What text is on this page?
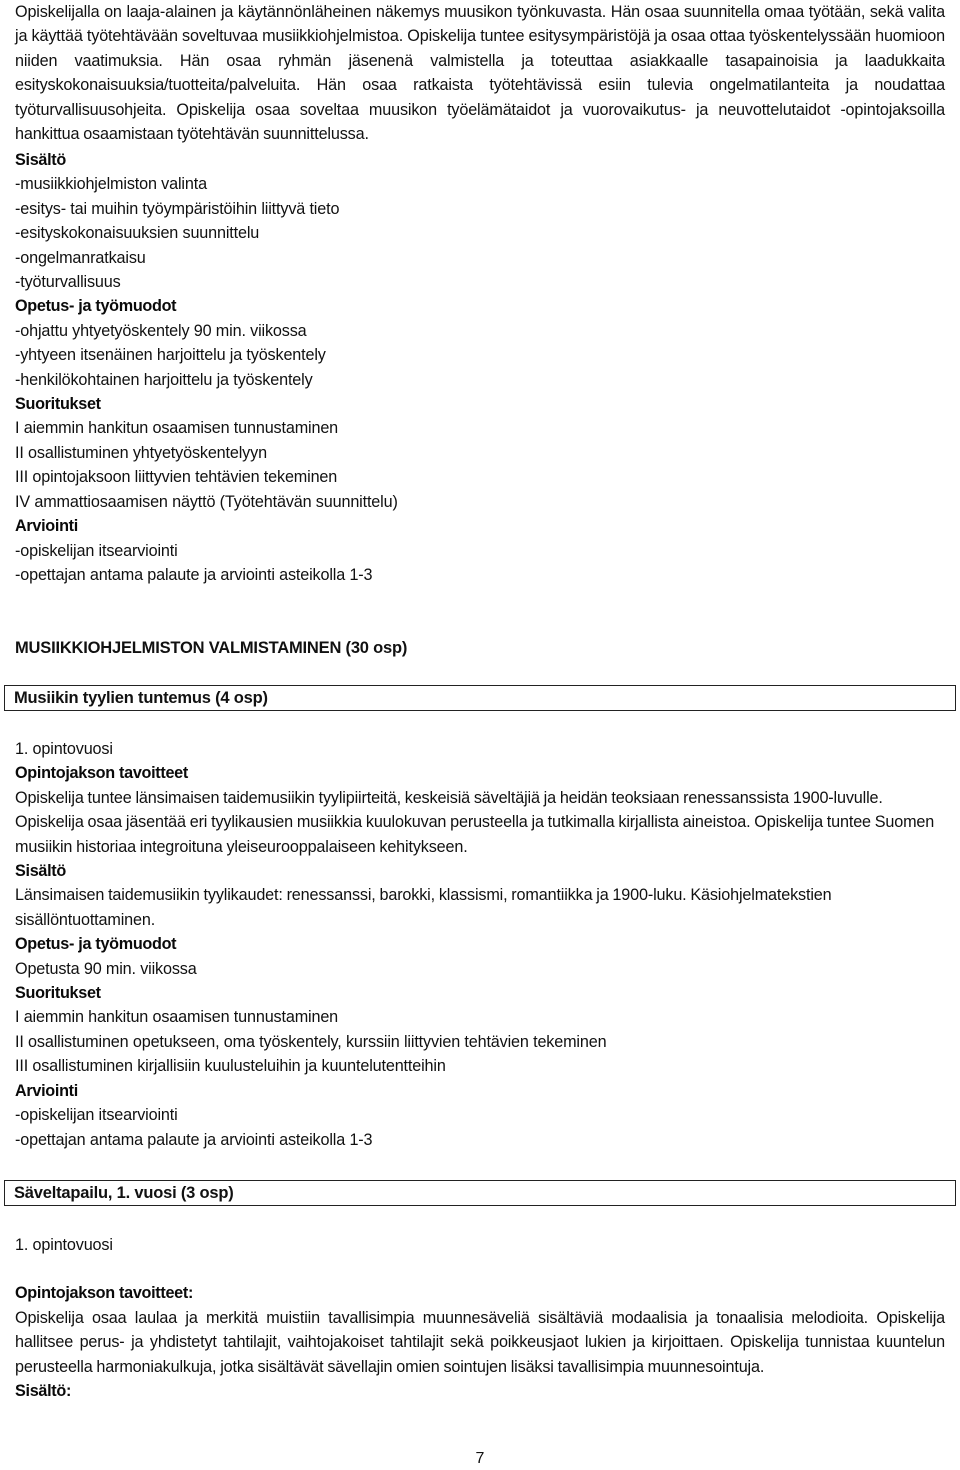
Opiskelijalla on laaja-alainen ja käytännönläheinen näkemys muusikon työnkuvasta. Hän osaa suunnitella omaa työtään, sekä valita ja käyttää työtehtävään soveltuvaa musiikkiohjelmistoa. Opiskelija tuntee esitysympäristöjä ja osaa ottaa työskentelyssään huomioon niiden vaatimuksia. Hän osaa ryhmän jäsenenä valmistella ja toteuttaa asiakkaalle tasapainoisia ja laadukkaita esityskokonaisuuksia/tuotteita/palveluita. Hän osaa ratkaista työtehtävissä esiin tulevia ongelmatilanteita ja noudattaa työturvallisuusohjeita. Opiskelija osaa soveltaa muusikon työelämätaidot ja vuorovaikutus- ja neuvottelutaidot -opintojaksoilla hankittua osaamistaan työtehtävän suunnittelussa.

Sisältö

-musiikkiohjelmiston valinta

-esitys- tai muihin työympäristöihin liittyvä tieto

-esityskokonaisuuksien suunnittelu

-ongelmanratkaisu

-työturvallisuus

Opetus- ja työmuodot

-ohjattu yhtyetyöskentely 90 min. viikossa

-yhtyeen itsenäinen harjoittelu ja työskentely

-henkilökohtainen harjoittelu ja työskentely

Suoritukset

I aiemmin hankitun osaamisen tunnustaminen

II osallistuminen yhtyetyöskentelyyn

III opintojaksoon liittyvien tehtävien tekeminen

IV ammattiosaamisen näyttö (Työtehtävän suunnittelu)

Arviointi

-opiskelijan itsearviointi

-opettajan antama palaute ja arviointi asteikolla 1-3

MUSIIKKIOHJELMISTON VALMISTAMINEN (30 osp)

Musiikin tyylien tuntemus (4 osp)

1. opintovuosi

Opintojakson tavoitteet

Opiskelija tuntee länsimaisen taidemusiikin tyylipiirteitä, keskeisiä säveltäjiä ja heidän teoksiaan renessanssista 1900-luvulle. Opiskelija osaa jäsentää eri tyylikausien musiikkia kuulokuvan perusteella ja tutkimalla kirjallista aineistoa. Opiskelija tuntee Suomen musiikin historiaa integroituna yleiseurooppalaiseen kehitykseen.

Sisältö

Länsimaisen taidemusiikin tyylikaudet: renessanssi, barokki, klassismi, romantiikka ja 1900-luku. Käsiohjelmatekstien sisällöntuottaminen.

Opetus- ja työmuodot

Opetusta 90 min. viikossa

Suoritukset

I aiemmin hankitun osaamisen tunnustaminen

II osallistuminen opetukseen, oma työskentely, kurssiin liittyvien tehtävien tekeminen

III osallistuminen kirjallisiin kuulusteluihin ja kuuntelutentteihin

Arviointi

-opiskelijan itsearviointi

-opettajan antama palaute ja arviointi asteikolla 1-3

Säveltapailu, 1. vuosi (3 osp)

1. opintovuosi

Opintojakson tavoitteet:

Opiskelija osaa laulaa ja merkitä muistiin tavallisimpia muunnesäveliä sisältäviä modaalisia ja tonaalisia melodioita. Opiskelija hallitsee perus- ja yhdistetyt tahtilajit, vaihtojakoiset tahtilajit sekä poikkeusjaot lukien ja kirjoittaen. Opiskelija tunnistaa kuuntelun perusteella harmoniakulkuja, jotka sisältävät sävellajin omien sointujen lisäksi tavallisimpia muunnesointuja.

Sisältö:

7
